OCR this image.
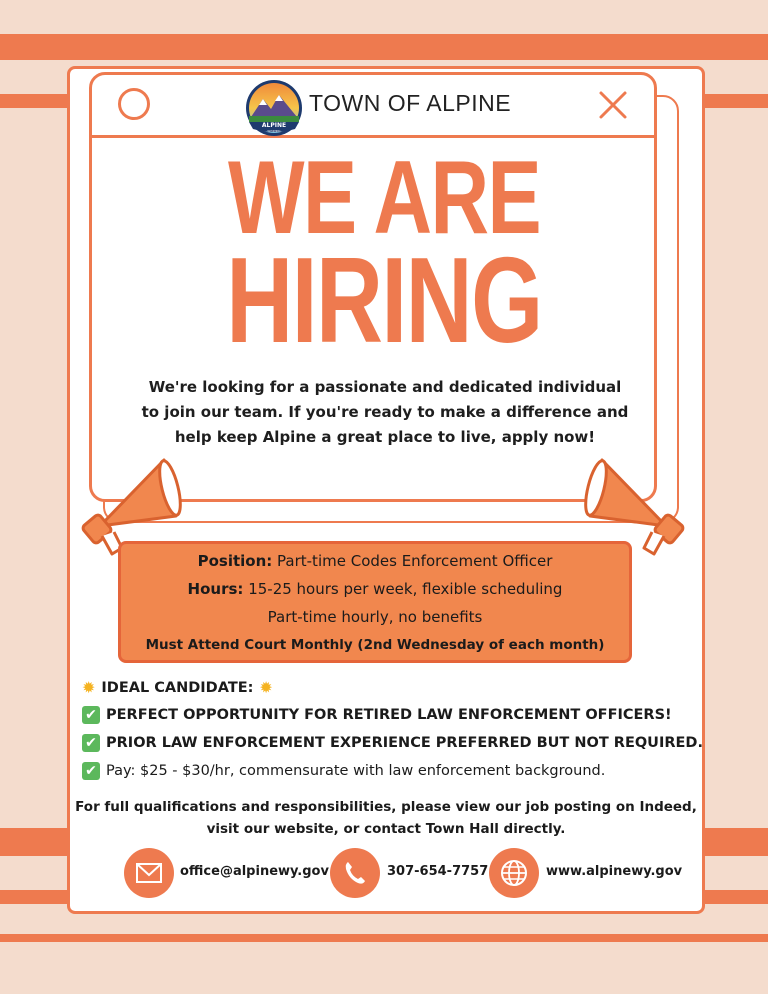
ALPINE
WYOMING
TOWN OF ALPINE
WE ARE
HIRING
We're looking for a passionate and dedicated individual to join our team. If you're ready to make a difference and help keep Alpine a great place to live, apply now!
Position: Part-time Codes Enforcement Officer
Hours: 15-25 hours per week, flexible scheduling
Part-time hourly, no benefits
Must Attend Court Monthly (2nd Wednesday of each month)
✹ IDEAL CANDIDATE: ✹
✔ PERFECT OPPORTUNITY FOR RETIRED LAW ENFORCEMENT OFFICERS!
✔ PRIOR LAW ENFORCEMENT EXPERIENCE PREFERRED BUT NOT REQUIRED.
✔ Pay: $25 - $30/hr, commensurate with law enforcement background.
For full qualifications and responsibilities, please view our job posting on Indeed, visit our website, or contact Town Hall directly.
office@alpinewy.gov	307-654-7757	www.alpinewy.gov
